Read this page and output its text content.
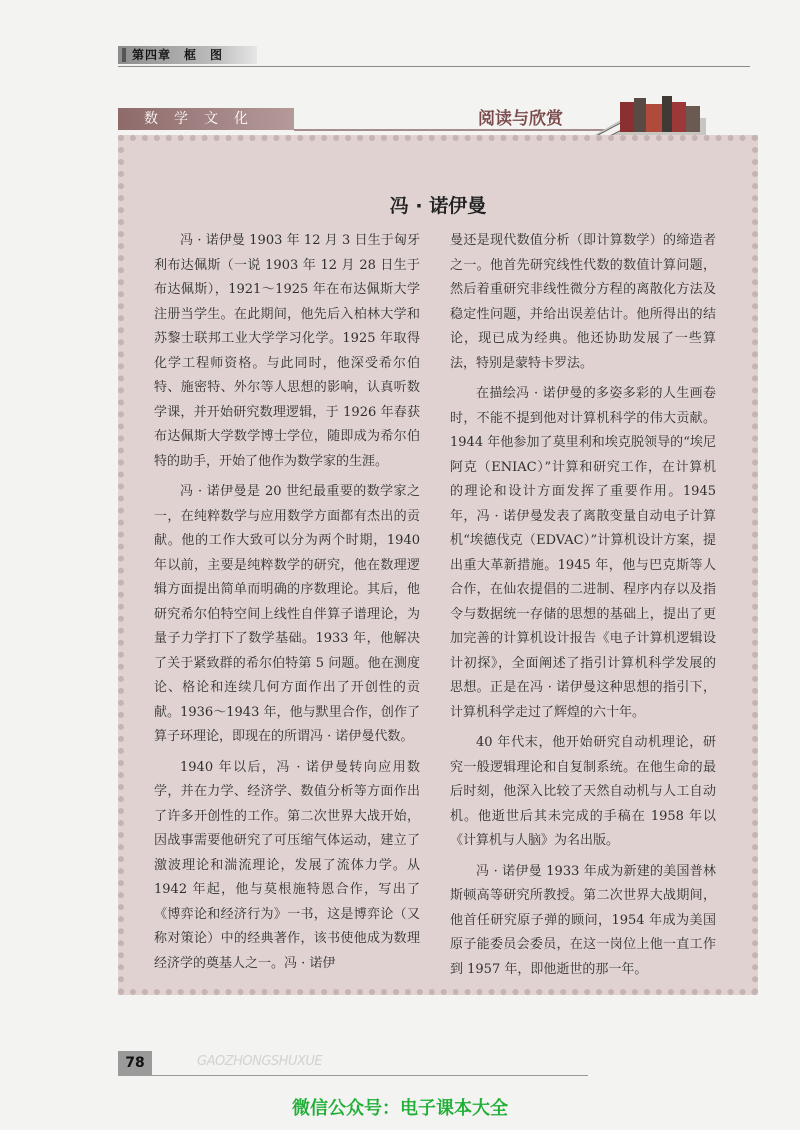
第四章　框　图
数学文化	阅读与欣赏
冯 · 诺伊曼

冯 · 诺伊曼 1903 年 12 月 3 日生于匈牙利布达佩斯（一说 1903 年 12 月 28 日生于布达佩斯），1921～1925 年在布达佩斯大学注册当学生。在此期间，他先后入柏林大学和苏黎士联邦工业大学学习化学。1925 年取得化学工程师资格。与此同时，他深受希尔伯特、施密特、外尔等人思想的影响，认真听数学课，并开始研究数理逻辑，于 1926 年春获布达佩斯大学数学博士学位，随即成为希尔伯特的助手，开始了他作为数学家的生涯。

冯 · 诺伊曼是 20 世纪最重要的数学家之一，在纯粹数学与应用数学方面都有杰出的贡献。他的工作大致可以分为两个时期，1940 年以前，主要是纯粹数学的研究，他在数理逻辑方面提出简单而明确的序数理论。其后，他研究希尔伯特空间上线性自伴算子谱理论，为量子力学打下了数学基础。1933 年，他解决了关于紧致群的希尔伯特第 5 问题。他在测度论、格论和连续几何方面作出了开创性的贡献。1936～1943 年，他与默里合作，创作了算子环理论，即现在的所谓冯 · 诺伊曼代数。

1940 年以后，冯 · 诺伊曼转向应用数学，并在力学、经济学、数值分析等方面作出了许多开创性的工作。第二次世界大战开始，因战事需要他研究了可压缩气体运动，建立了激波理论和湍流理论，发展了流体力学。从 1942 年起，他与莫根施特恩合作，写出了《博弈论和经济行为》一书，这是博弈论（又称对策论）中的经典著作，该书使他成为数理经济学的奠基人之一。冯 · 诺伊

曼还是现代数值分析（即计算数学）的缔造者之一。他首先研究线性代数的数值计算问题，然后着重研究非线性微分方程的离散化方法及稳定性问题，并给出误差估计。他所得出的结论，现已成为经典。他还协助发展了一些算法，特别是蒙特卡罗法。

在描绘冯 · 诺伊曼的多姿多彩的人生画卷时，不能不提到他对计算机科学的伟大贡献。1944 年他参加了莫里利和埃克脱领导的“埃尼阿克（ENIAC）”计算和研究工作，在计算机的理论和设计方面发挥了重要作用。1945 年，冯 · 诺伊曼发表了离散变量自动电子计算机“埃德伐克（EDVAC）”计算机设计方案，提出重大革新措施。1945 年，他与巴克斯等人合作，在仙农提倡的二进制、程序内存以及指令与数据统一存储的思想的基础上，提出了更加完善的计算机设计报告《电子计算机逻辑设计初探》，全面阐述了指引计算机科学发展的思想。正是在冯 · 诺伊曼这种思想的指引下，计算机科学走过了辉煌的六十年。

40 年代末，他开始研究自动机理论，研究一般逻辑理论和自复制系统。在他生命的最后时刻，他深入比较了天然自动机与人工自动机。他逝世后其未完成的手稿在 1958 年以《计算机与人脑》为名出版。

冯 · 诺伊曼 1933 年成为新建的美国普林斯顿高等研究所教授。第二次世界大战期间，他首任研究原子弹的顾问，1954 年成为美国原子能委员会委员，在这一岗位上他一直工作到 1957 年，即他逝世的那一年。

78	GAOZHONGSHUXUE
微信公众号：电子课本大全
